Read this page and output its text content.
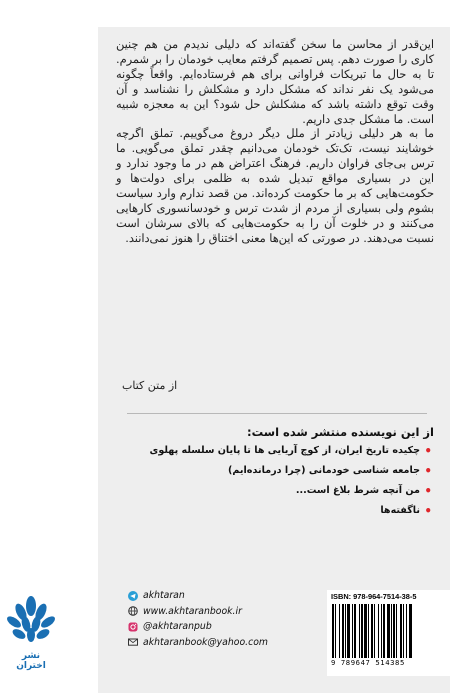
این‌قدر از محاسن ما سخن گفته‌اند که دلیلی ندیدم من هم چنین کاری را صورت دهم. پس تصمیم گرفتم معایب خودمان را بر شمرم. تا به حال ما تبریکات فراوانی برای هم فرستاده‌ایم. واقعاً چگونه می‌شود یک نفر نداند که مشکل دارد و مشکلش را نشناسد و آن وقت توقع داشته باشد که مشکلش حل شود؟ این به معجزه شبیه است. ما مشکل جدی داریم.

ما به هر دلیلی زیادتر از ملل دیگر دروغ می‌گوییم. تملق اگرچه خوشایند نیست، تک‌تک خودمان می‌دانیم چقدر تملق می‌گویی. ما ترس بی‌جای فراوان داریم. فرهنگ اعتراض هم در ما وجود ندارد و این در بسیاری مواقع تبدیل شده به ظلمی برای دولت‌ها و حکومت‌هایی که بر ما حکومت کرده‌اند. من قصد ندارم وارد سیاست بشوم ولی بسیاری از مردم از شدت ترس و خودسانسوری کارهایی می‌کنند و در خلوت آن را به حکومت‌هایی که بالای سرشان است نسبت می‌دهند. در صورتی که این‌ها معنی اختناق را هنوز نمی‌دانند.

از متن کتاب
از این نویسنده منتشر شده است:
•
چکیده تاریخ ایران، از کوچ آریایی ها تا پایان سلسله پهلوی
•
جامعه شناسی خودمانی (چرا درمانده‌ایم)
•
من آنچه شرط بلاغ است...
•
ناگفته‌ها
نشر اختران
akhtaran
www.akhtaranbook.ir
@akhtaranpub
akhtaranbook@yahoo.com
ISBN: 978-964-7514-38-5
9 789647 514385
